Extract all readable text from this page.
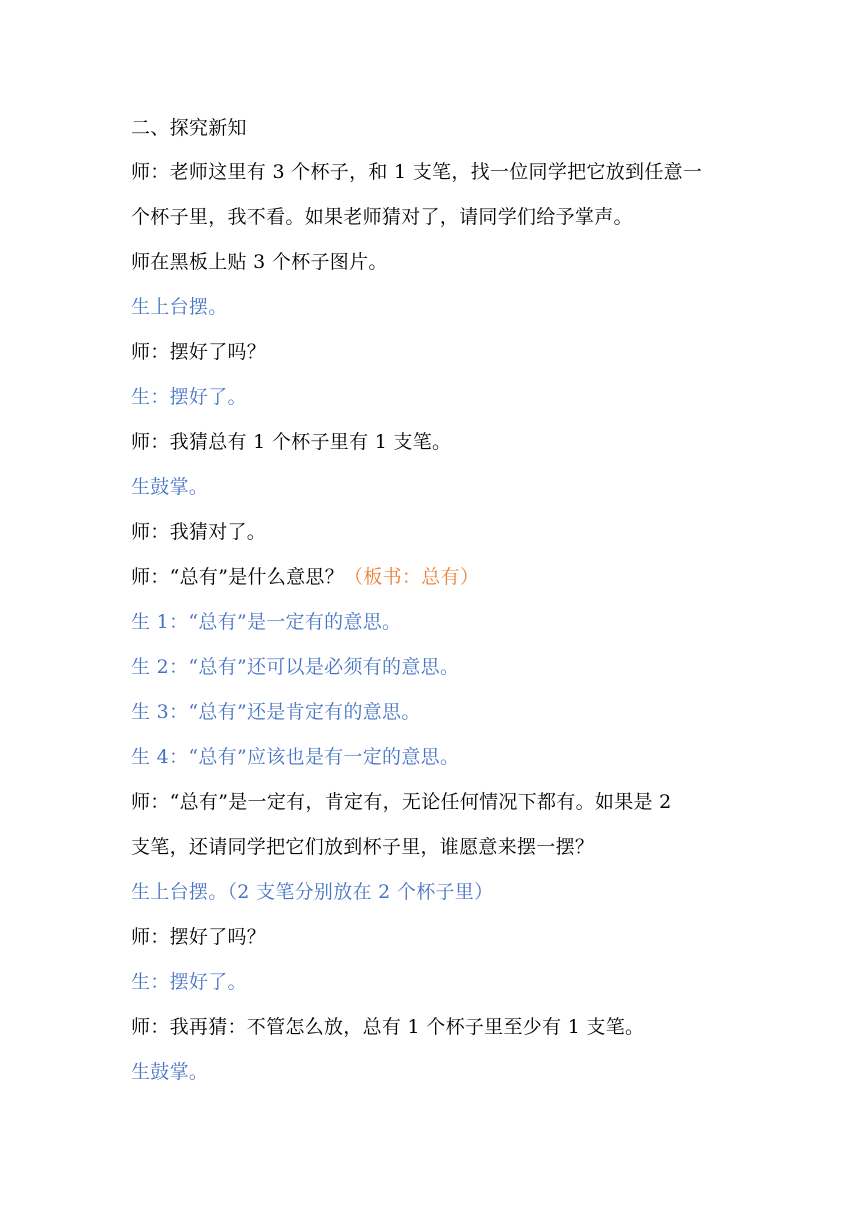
二、探究新知
师：老师这里有 3 个杯子，和 1 支笔，找一位同学把它放到任意一
个杯子里，我不看。如果老师猜对了，请同学们给予掌声。
师在黑板上贴 3 个杯子图片。
生上台摆。
师：摆好了吗？
生：摆好了。
师：我猜总有 1 个杯子里有 1 支笔。
生鼓掌。
师：我猜对了。
师：“总有”是什么意思？（板书：总有）
生 1：“总有”是一定有的意思。
生 2：“总有”还可以是必须有的意思。
生 3：“总有”还是肯定有的意思。
生 4：“总有”应该也是有一定的意思。
师：“总有”是一定有，肯定有，无论任何情况下都有。如果是 2
支笔，还请同学把它们放到杯子里，谁愿意来摆一摆？
生上台摆。（2 支笔分别放在 2 个杯子里）
师：摆好了吗？
生：摆好了。
师：我再猜：不管怎么放，总有 1 个杯子里至少有 1 支笔。
生鼓掌。
